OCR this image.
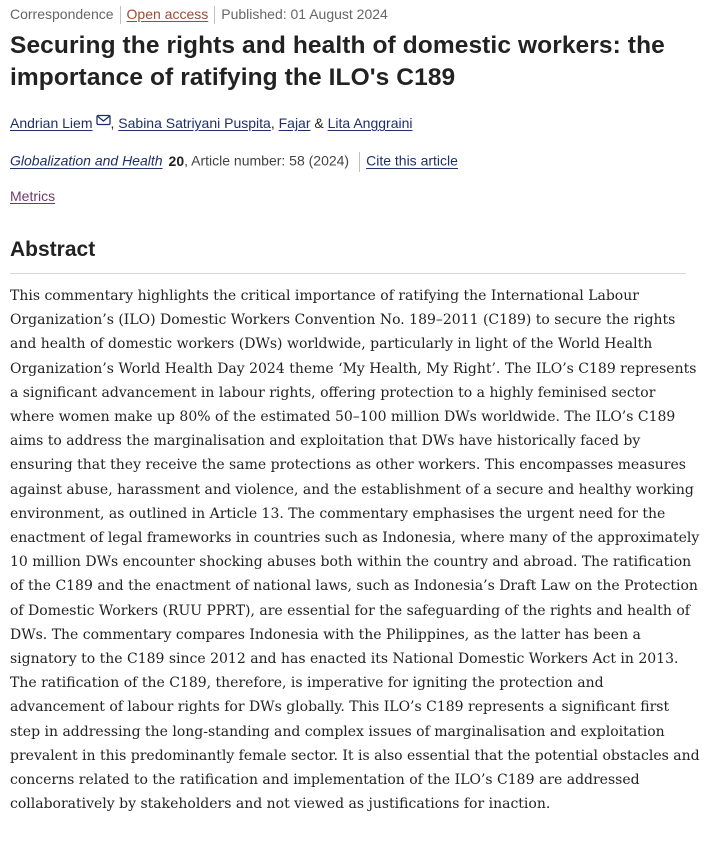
Correspondence Open access Published: 01 August 2024
Securing the rights and health of domestic workers: the importance of ratifying the ILO's C189
Andrian Liem , Sabina Satriyani Puspita, Fajar & Lita Anggraini
Globalization and Health 20, Article number: 58 (2024) Cite this article
Metrics
Abstract

This commentary highlights the critical importance of ratifying the International Labour Organization’s (ILO) Domestic Workers Convention No. 189–2011 (C189) to secure the rights and health of domestic workers (DWs) worldwide, particularly in light of the World Health Organization’s World Health Day 2024 theme ‘My Health, My Right’. The ILO’s C189 represents a significant advancement in labour rights, offering protection to a highly feminised sector where women make up 80% of the estimated 50–100 million DWs worldwide. The ILO’s C189 aims to address the marginalisation and exploitation that DWs have historically faced by ensuring that they receive the same protections as other workers. This encompasses measures against abuse, harassment and violence, and the establishment of a secure and healthy working environment, as outlined in Article 13. The commentary emphasises the urgent need for the enactment of legal frameworks in countries such as Indonesia, where many of the approximately 10 million DWs encounter shocking abuses both within the country and abroad. The ratification of the C189 and the enactment of national laws, such as Indonesia’s Draft Law on the Protection of Domestic Workers (RUU PPRT), are essential for the safeguarding of the rights and health of DWs. The commentary compares Indonesia with the Philippines, as the latter has been a signatory to the C189 since 2012 and has enacted its National Domestic Workers Act in 2013. The ratification of the C189, therefore, is imperative for igniting the protection and advancement of labour rights for DWs globally. This ILO’s C189 represents a significant first step in addressing the long-standing and complex issues of marginalisation and exploitation prevalent in this predominantly female sector. It is also essential that the potential obstacles and concerns related to the ratification and implementation of the ILO’s C189 are addressed collaboratively by stakeholders and not viewed as justifications for inaction.
